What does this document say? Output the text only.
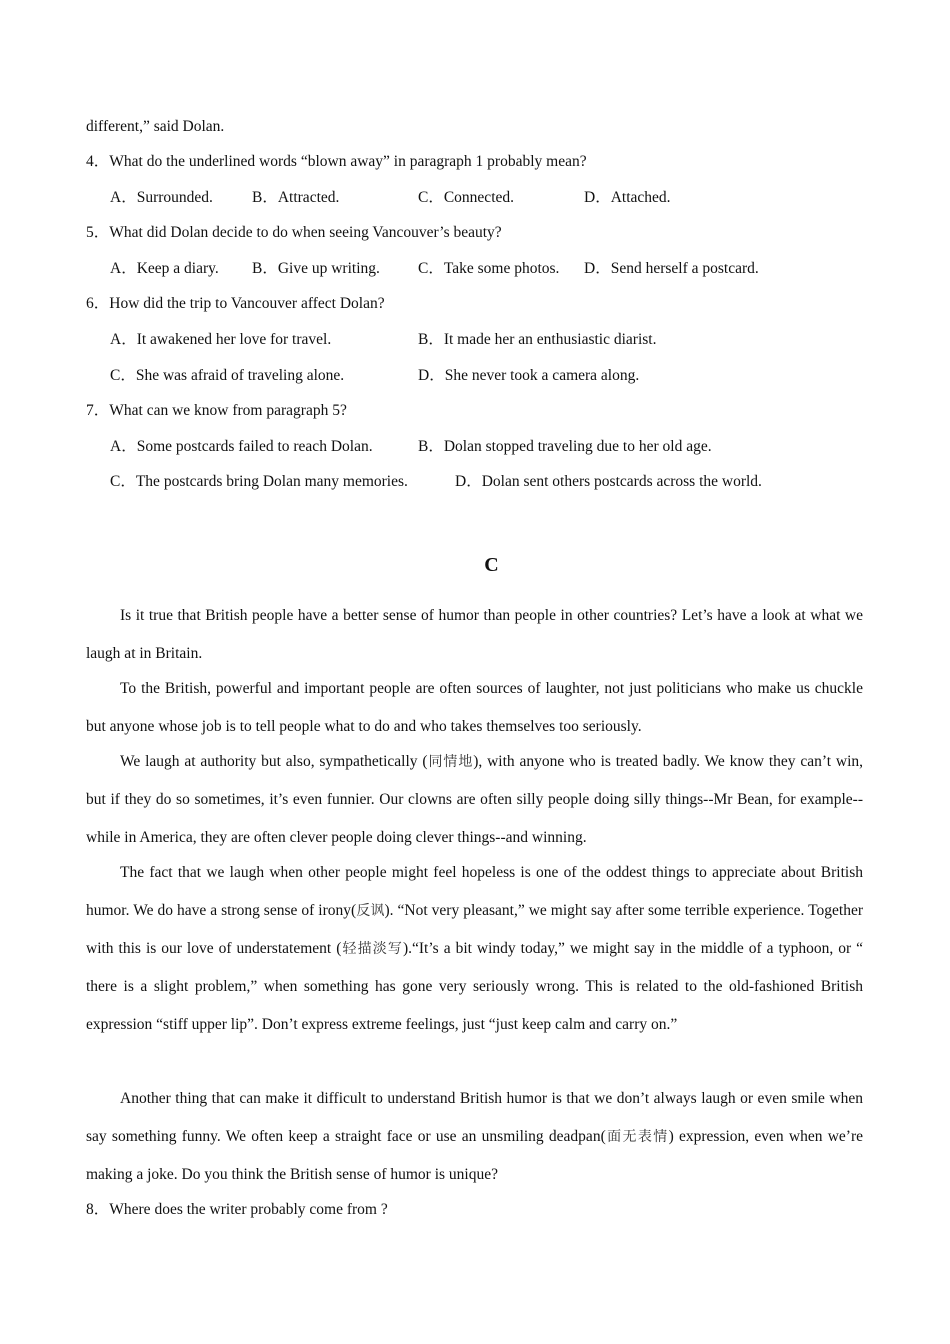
different,” said Dolan.
4．What do the underlined words “blown away” in paragraph 1 probably mean?
A．Surrounded.	B．Attracted.	C．Connected.	D．Attached.
5．What did Dolan decide to do when seeing Vancouver’s beauty?
A．Keep a diary. B．Give up writing. C．Take some photos. D．Send herself a postcard.
6．How did the trip to Vancouver affect Dolan?
A．It awakened her love for travel.	B．It made her an enthusiastic diarist.
C．She was afraid of traveling alone.	D．She never took a camera along.
7．What can we know from paragraph 5?
A．Some postcards failed to reach Dolan.	B．Dolan stopped traveling due to her old age.
C．The postcards bring Dolan many memories.	D．Dolan sent others postcards across the world.
C
Is it true that British people have a better sense of humor than people in other countries? Let’s have a look at what we laugh at in Britain.
To the British, powerful and important people are often sources of laughter, not just politicians who make us chuckle but anyone whose job is to tell people what to do and who takes themselves too seriously.
We laugh at authority but also, sympathetically (同情地), with anyone who is treated badly. We know they can’t win, but if they do so sometimes, it’s even funnier. Our clowns are often silly people doing silly things--Mr Bean, for example--while in America, they are often clever people doing clever things--and winning.
The fact that we laugh when other people might feel hopeless is one of the oddest things to appreciate about British humor. We do have a strong sense of irony(反讽). “Not very pleasant,” we might say after some terrible experience. Together with this is our love of understatement (轻描淡写).“It’s a bit windy today,” we might say in the middle of a typhoon, or “ there is a slight problem,” when something has gone very seriously wrong. This is related to the old-fashioned British expression “stiff upper lip”. Don’t express extreme feelings, just “just keep calm and carry on.”
Another thing that can make it difficult to understand British humor is that we don’t always laugh or even smile when say something funny. We often keep a straight face or use an unsmiling deadpan(面无表情) expression, even when we’re making a joke. Do you think the British sense of humor is unique?
8．Where does the writer probably come from ?
